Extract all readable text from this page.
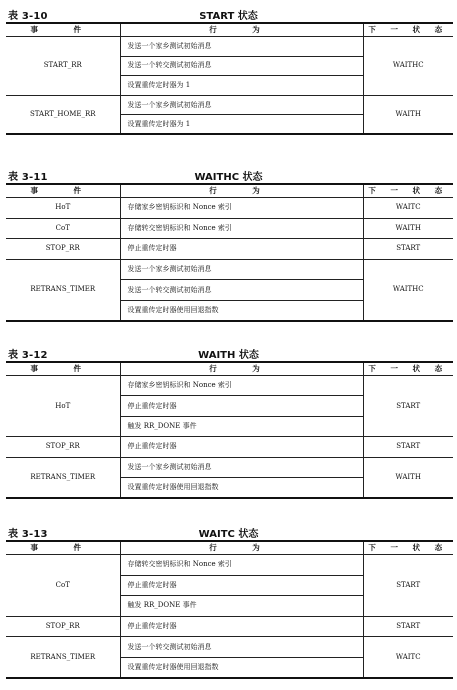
START 状态
表 3-10
事　件	行　为	下 一 状 态
START_RR	发送一个家乡测试初始消息	WAITHC
	发送一个转交测试初始消息	
	设置重传定时器为 1	
START_HOME_RR	发送一个家乡测试初始消息	WAITH
	设置重传定时器为 1	
WAITHC 状态
表 3-11
事　件	行　为	下 一 状 态
HoT	存储家乡密钥标识和 Nonce 索引	WAITC
CoT	存储转交密钥标识和 Nonce 索引	WAITH
STOP_RR	停止重传定时器	START
RETRANS_TIMER	发送一个家乡测试初始消息	WAITHC
	发送一个转交测试初始消息	
	设置重传定时器使用回退指数	
WAITH 状态
表 3-12
事　件	行　为	下 一 状 态
HoT	存储家乡密钥标识和 Nonce 索引	START
	停止重传定时器	
	触发 RR_DONE 事件	
STOP_RR	停止重传定时器	START
RETRANS_TIMER	发送一个家乡测试初始消息	WAITH
	设置重传定时器使用回退指数	
WAITC 状态
表 3-13
事　件	行　为	下 一 状 态
CoT	存储转交密钥标识和 Nonce 索引	START
	停止重传定时器	
	触发 RR_DONE 事件	
STOP_RR	停止重传定时器	START
RETRANS_TIMER	发送一个转交测试初始消息	WAITC
	设置重传定时器使用回退指数	
